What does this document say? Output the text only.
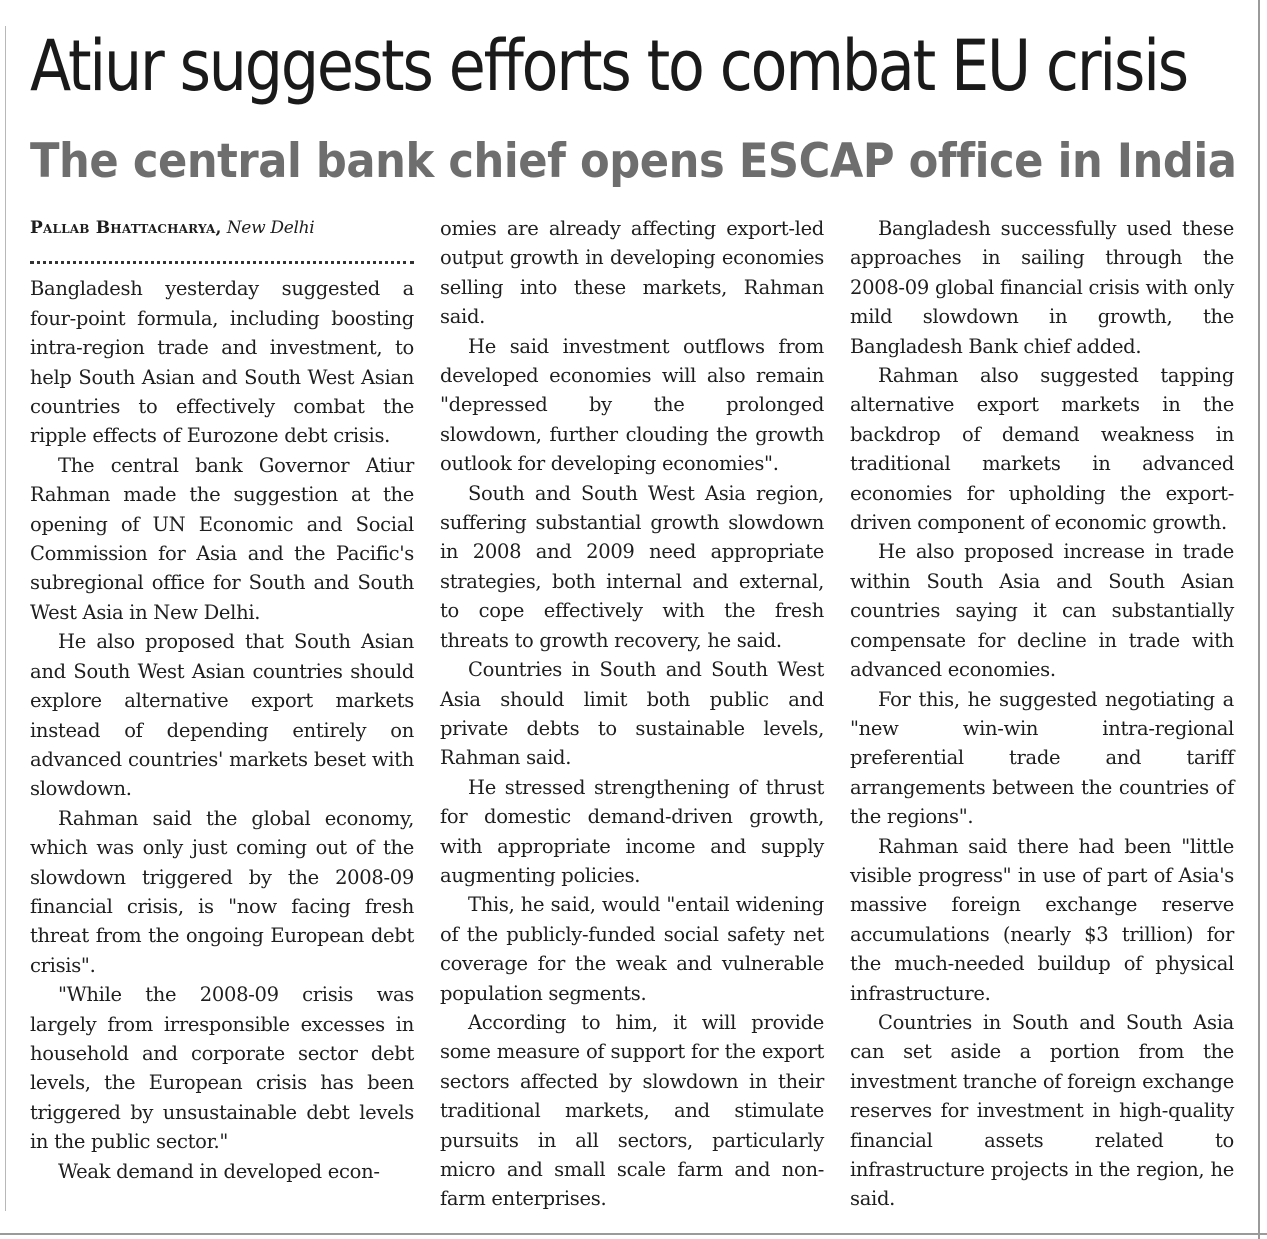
Atiur suggests efforts to combat EU crisis
The central bank chief opens ESCAP office in India
Pallab Bhattacharya, New Delhi

Bangladesh yesterday suggested a four-point formula, including boosting intra-region trade and investment, to help South Asian and South West Asian countries to effectively combat the ripple effects of Eurozone debt crisis.

The central bank Governor Atiur Rahman made the suggestion at the opening of UN Economic and Social Commission for Asia and the Pacific's subregional office for South and South West Asia in New Delhi.

He also proposed that South Asian and South West Asian countries should explore alternative export markets instead of depending entirely on advanced countries' markets beset with slowdown.

Rahman said the global economy, which was only just coming out of the slowdown triggered by the 2008-09 financial crisis, is "now facing fresh threat from the ongoing European debt crisis".

"While the 2008-09 crisis was largely from irresponsible excesses in household and corporate sector debt levels, the European crisis has been triggered by unsustainable debt levels in the public sector."

Weak demand in developed econ-

omies are already affecting export-led output growth in developing economies selling into these markets, Rahman said.

He said investment outflows from developed economies will also remain "depressed by the prolonged slowdown, further clouding the growth outlook for developing economies".

South and South West Asia region, suffering substantial growth slowdown in 2008 and 2009 need appropriate strategies, both internal and external, to cope effectively with the fresh threats to growth recovery, he said.

Countries in South and South West Asia should limit both public and private debts to sustainable levels, Rahman said.

He stressed strengthening of thrust for domestic demand-driven growth, with appropriate income and supply augmenting policies.

This, he said, would "entail widening of the publicly-funded social safety net coverage for the weak and vulnerable population segments.

According to him, it will provide some measure of support for the export sectors affected by slowdown in their traditional markets, and stimulate pursuits in all sectors, particularly micro and small scale farm and non-farm enterprises.

Bangladesh successfully used these approaches in sailing through the 2008-09 global financial crisis with only mild slowdown in growth, the Bangladesh Bank chief added.

Rahman also suggested tapping alternative export markets in the backdrop of demand weakness in traditional markets in advanced economies for upholding the export-driven component of economic growth.

He also proposed increase in trade within South Asia and South Asian countries saying it can substantially compensate for decline in trade with advanced economies.

For this, he suggested negotiating a "new win-win intra-regional preferential trade and tariff arrangements between the countries of the regions".

Rahman said there had been "little visible progress" in use of part of Asia's massive foreign exchange reserve accumulations (nearly $3 trillion) for the much-needed buildup of physical infrastructure.

Countries in South and South Asia can set aside a portion from the investment tranche of foreign exchange reserves for investment in high-quality financial assets related to infrastructure projects in the region, he said.
